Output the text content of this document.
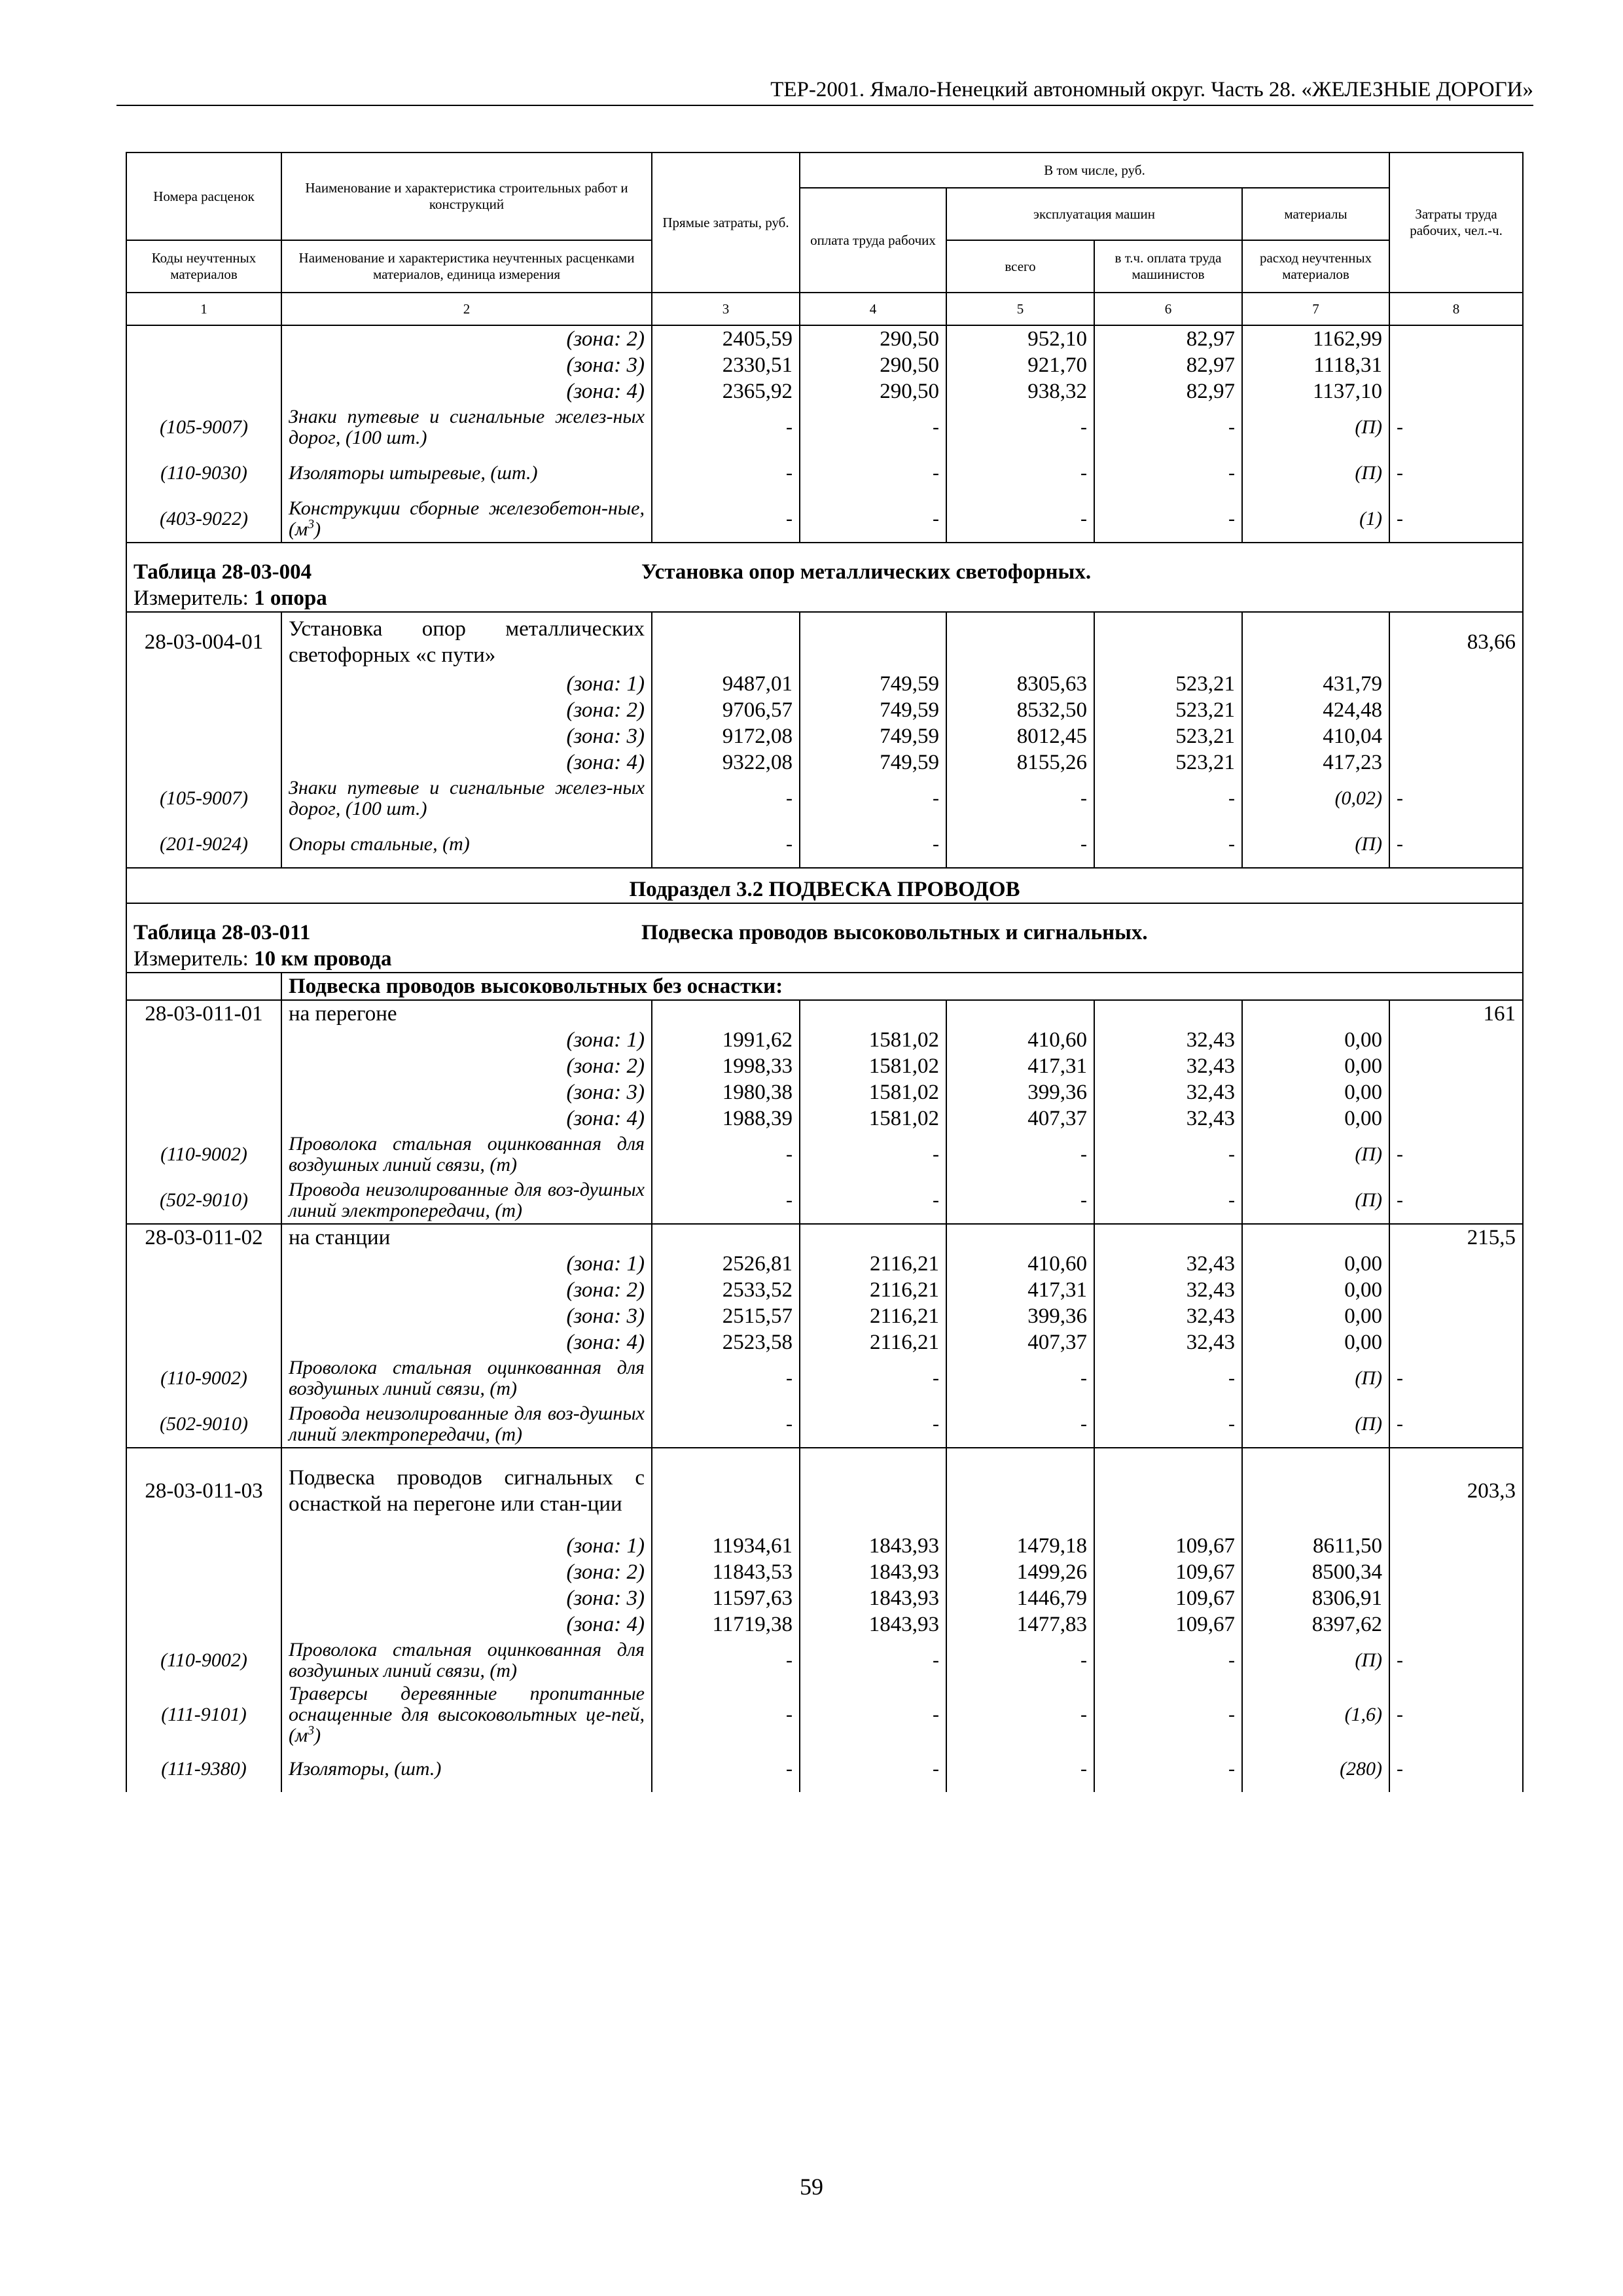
ТЕР-2001. Ямало-Ненецкий автономный округ. Часть 28. «ЖЕЛЕЗНЫЕ ДОРОГИ»
Номера расценок	Наименование и характеристика строительных работ и конструкций	Прямые затраты, руб.	В том числе, руб.				Затраты труда рабочих, чел.-ч.
			оплата труда рабочих	эксплуатация машин		материалы	
Коды неучтенных материалов	Наименование и характеристика неучтенных расценками материалов, единица измерения			всего	в т.ч. оплата труда машинистов	расход неучтенных материалов	
1	2	3	4	5	6	7	8
	(зона: 2)	2405,59	290,50	952,10	82,97	1162,99	
	(зона: 3)	2330,51	290,50	921,70	82,97	1118,31	
	(зона: 4)	2365,92	290,50	938,32	82,97	1137,10	
(105-9007)	Знаки путевые и сигнальные желез-ных дорог, (100 шт.)	-	-	-	-	(П)	-
(110-9030)	Изоляторы штыревые, (шт.)	-	-	-	-	(П)	-
(403-9022)	Конструкции сборные железобетон-ные, $(м^3)$	-	-	-	-	(1)	-
Таблица 28-03-004 Установка опор металлических светофорных.							
Измеритель: 1 опора							
28-03-004-01	Установка опор металлических светофорных «с пути»						83,66
	(зона: 1)	9487,01	749,59	8305,63	523,21	431,79	
	(зона: 2)	9706,57	749,59	8532,50	523,21	424,48	
	(зона: 3)	9172,08	749,59	8012,45	523,21	410,04	
	(зона: 4)	9322,08	749,59	8155,26	523,21	417,23	
(105-9007)	Знаки путевые и сигнальные желез-ных дорог, (100 шт.)	-	-	-	-	(0,02)	-
(201-9024)	Опоры стальные, (т)	-	-	-	-	(П)	-
Подраздел 3.2 ПОДВЕСКА ПРОВОДОВ							
Таблица 28-03-011 Подвеска проводов высоковольтных и сигнальных.							
Измеритель: 10 км провода							
	Подвеска проводов высоковольтных без оснастки:						
28-03-011-01	на перегоне						161
	(зона: 1)	1991,62	1581,02	410,60	32,43	0,00	
	(зона: 2)	1998,33	1581,02	417,31	32,43	0,00	
	(зона: 3)	1980,38	1581,02	399,36	32,43	0,00	
	(зона: 4)	1988,39	1581,02	407,37	32,43	0,00	
(110-9002)	Проволока стальная оцинкованная для воздушных линий связи, (т)	-	-	-	-	(П)	-
(502-9010)	Провода неизолированные для воз-душных линий электропередачи, (т)	-	-	-	-	(П)	-
28-03-011-02	на станции						215,5
	(зона: 1)	2526,81	2116,21	410,60	32,43	0,00	
	(зона: 2)	2533,52	2116,21	417,31	32,43	0,00	
	(зона: 3)	2515,57	2116,21	399,36	32,43	0,00	
	(зона: 4)	2523,58	2116,21	407,37	32,43	0,00	
(110-9002)	Проволока стальная оцинкованная для воздушных линий связи, (т)	-	-	-	-	(П)	-
(502-9010)	Провода неизолированные для воз-душных линий электропередачи, (т)	-	-	-	-	(П)	-
28-03-011-03	Подвеска проводов сигнальных с оснасткой на перегоне или стан-ции						203,3
	(зона: 1)	11934,61	1843,93	1479,18	109,67	8611,50	
	(зона: 2)	11843,53	1843,93	1499,26	109,67	8500,34	
	(зона: 3)	11597,63	1843,93	1446,79	109,67	8306,91	
	(зона: 4)	11719,38	1843,93	1477,83	109,67	8397,62	
(110-9002)	Проволока стальная оцинкованная для воздушных линий связи, (т)	-	-	-	-	(П)	-
(111-9101)	Траверсы деревянные пропитанные оснащенные для высоковольтных це-пей, $(м^3)$	-	-	-	-	(1,6)	-
(111-9380)	Изоляторы, (шт.)	-	-	-	-	(280)	-
59
